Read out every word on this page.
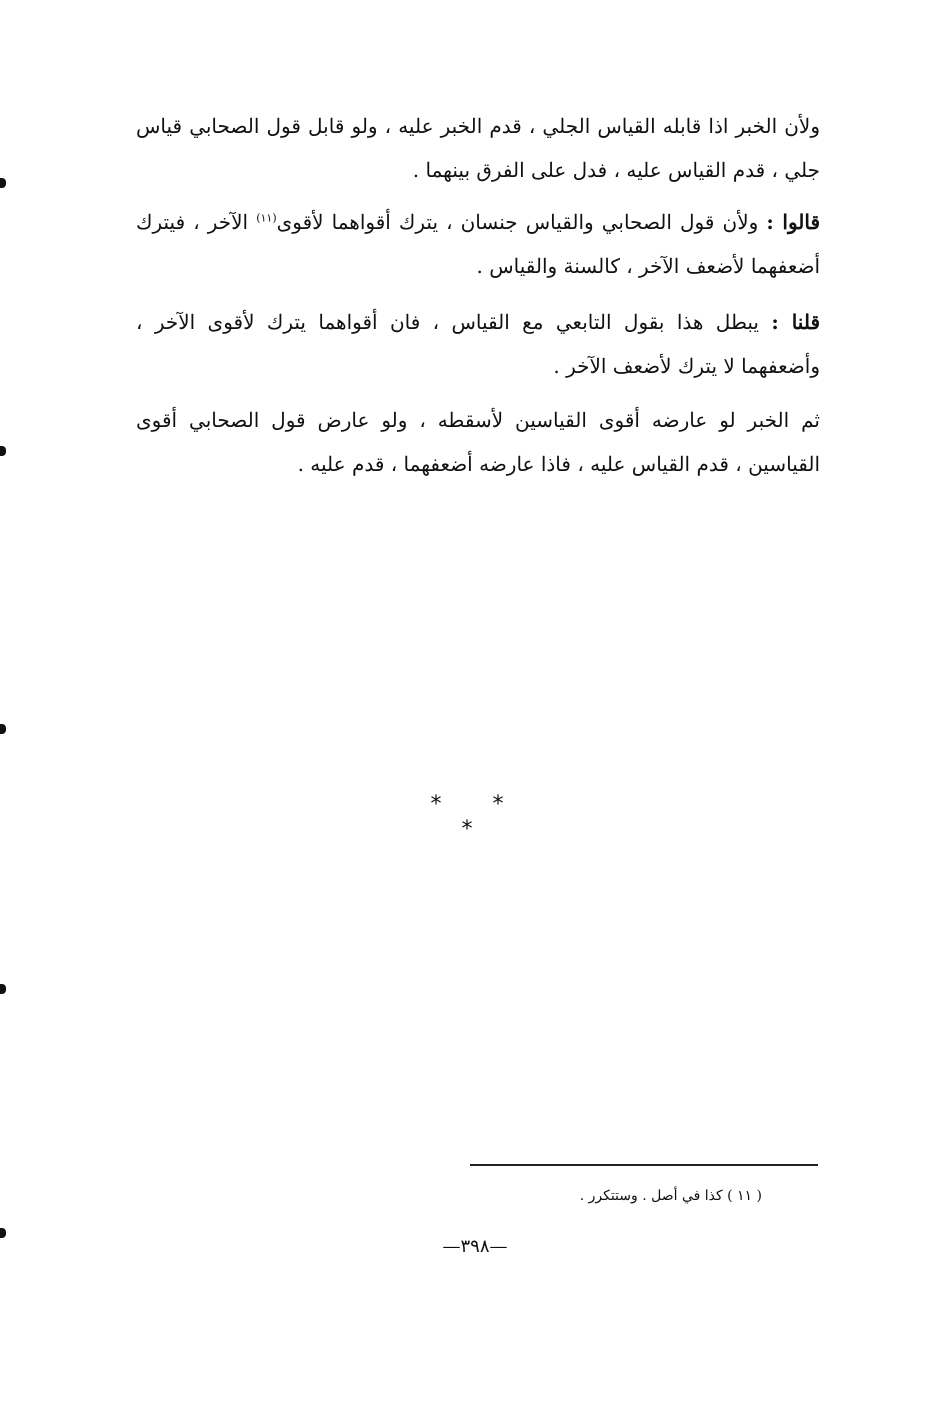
ولأن الخبر اذا قابله القياس الجلي ، قدم الخبر عليه ، ولو قابل قول الصحابي قياس جلي ، قدم القياس عليه ، فدل على الفرق بينهما .

قالوا : ولأن قول الصحابي والقياس جنسان ، يترك أقواهما لأقوى$^{(١١)}$ الآخر ، فيترك أضعفهما لأضعف الآخر ، كالسنة والقياس .

قلنا : يبطل هذا بقول التابعي مع القياس ، فان أقواهما يترك لأقوى الآخر ، وأضعفهما لا يترك لأضعف الآخر .

ثم الخبر لو عارضه أقوى القياسين لأسقطه ، ولو عارض قول الصحابي أقوى القياسين ، قدم القياس عليه ، فاذا عارضه أضعفهما ، قدم عليه .

* * *
( ١١ ) كذا في أصل . وستتكرر .
—٣٩٨—
